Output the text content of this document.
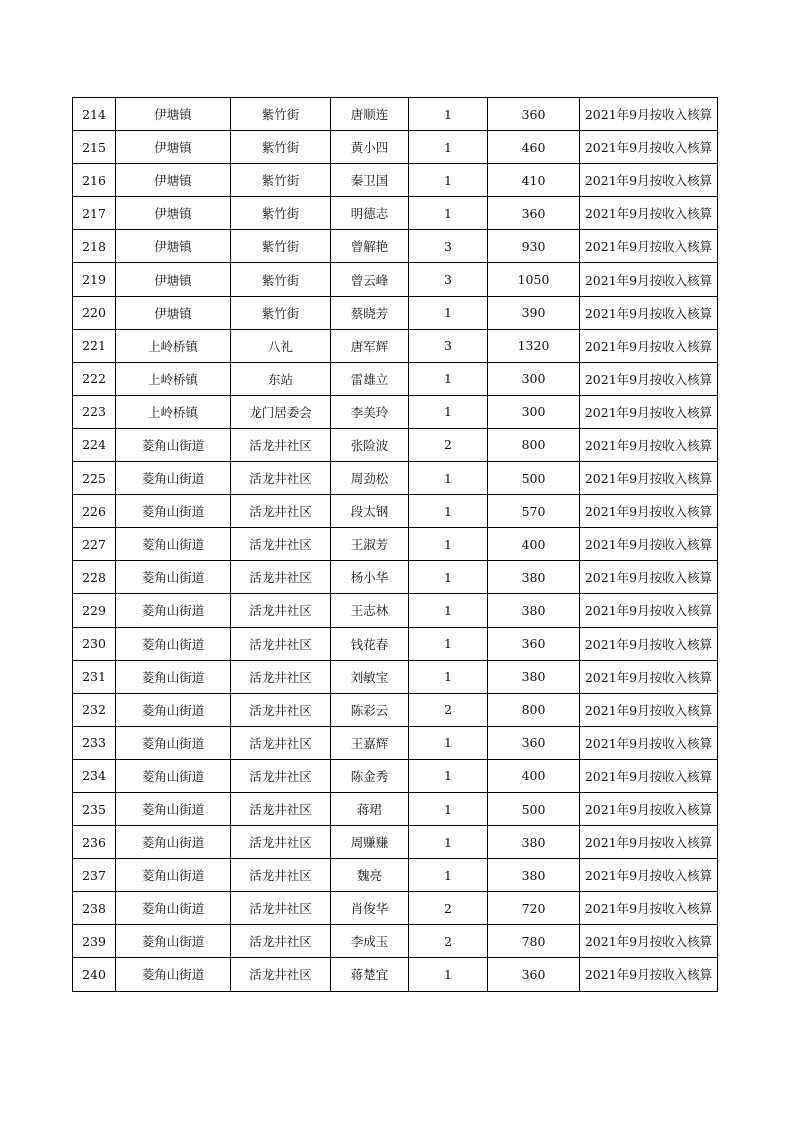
214	伊塘镇	紫竹街	唐顺连	1	360	2021年9月按收入核算
215	伊塘镇	紫竹街	黄小四	1	460	2021年9月按收入核算
216	伊塘镇	紫竹街	秦卫国	1	410	2021年9月按收入核算
217	伊塘镇	紫竹街	明德志	1	360	2021年9月按收入核算
218	伊塘镇	紫竹街	曾解艳	3	930	2021年9月按收入核算
219	伊塘镇	紫竹街	曾云峰	3	1050	2021年9月按收入核算
220	伊塘镇	紫竹街	蔡晓芳	1	390	2021年9月按收入核算
221	上岭桥镇	八礼	唐军辉	3	1320	2021年9月按收入核算
222	上岭桥镇	东站	雷雄立	1	300	2021年9月按收入核算
223	上岭桥镇	龙门居委会	李美玲	1	300	2021年9月按收入核算
224	菱角山街道	活龙井社区	张险波	2	800	2021年9月按收入核算
225	菱角山街道	活龙井社区	周劲松	1	500	2021年9月按收入核算
226	菱角山街道	活龙井社区	段太钢	1	570	2021年9月按收入核算
227	菱角山街道	活龙井社区	王淑芳	1	400	2021年9月按收入核算
228	菱角山街道	活龙井社区	杨小华	1	380	2021年9月按收入核算
229	菱角山街道	活龙井社区	王志林	1	380	2021年9月按收入核算
230	菱角山街道	活龙井社区	钱花春	1	360	2021年9月按收入核算
231	菱角山街道	活龙井社区	刘敏宝	1	380	2021年9月按收入核算
232	菱角山街道	活龙井社区	陈彩云	2	800	2021年9月按收入核算
233	菱角山街道	活龙井社区	王嘉辉	1	360	2021年9月按收入核算
234	菱角山街道	活龙井社区	陈金秀	1	400	2021年9月按收入核算
235	菱角山街道	活龙井社区	蒋珺	1	500	2021年9月按收入核算
236	菱角山街道	活龙井社区	周赚赚	1	380	2021年9月按收入核算
237	菱角山街道	活龙井社区	魏亮	1	380	2021年9月按收入核算
238	菱角山街道	活龙井社区	肖俊华	2	720	2021年9月按收入核算
239	菱角山街道	活龙井社区	李成玉	2	780	2021年9月按收入核算
240	菱角山街道	活龙井社区	蒋楚宜	1	360	2021年9月按收入核算
